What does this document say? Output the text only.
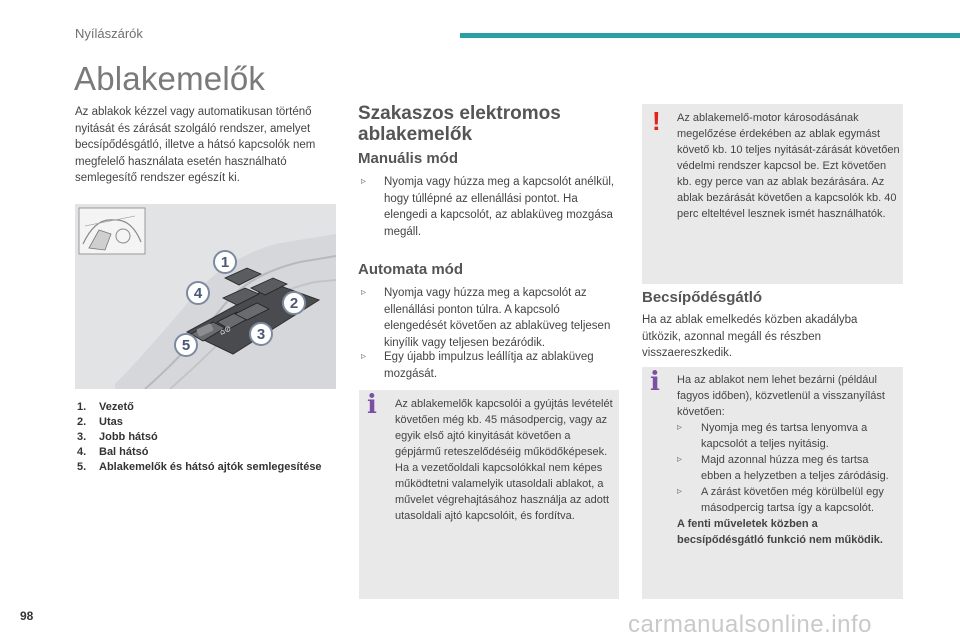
Nyílászárók
Ablakemelők
Az ablakok kézzel vagy automatikusan történő nyitását és zárását szolgáló rendszer, amelyet becsípődésgátló, illetve a hátsó kapcsolók nem megfelelő használata esetén használható semlegesítő rendszer egészít ki.
⌂⊘
1
2
3
4
5
1.	Vezető
2.	Utas
3.	Jobb hátsó
4.	Bal hátsó
5.	Ablakemelők és hátsó ajtók semlegesítése
Szakaszos elektromos ablakemelők
Manuális mód
▹	Nyomja vagy húzza meg a kapcsolót anélkül, hogy túllépné az ellenállási pontot. Ha elengedi a kapcsolót, az ablaküveg mozgása megáll.
Automata mód
▹	Nyomja vagy húzza meg a kapcsolót az ellenállási ponton túlra. A kapcsoló elengedését követően az ablaküveg teljesen kinyílik vagy teljesen bezáródik.
▹	Egy újabb impulzus leállítja az ablaküveg mozgását.
i Az ablakemelők kapcsolói a gyújtás levételét követően még kb. 45 másodpercig, vagy az egyik első ajtó kinyitását követően a gépjármű reteszelődéséig működőképesek. Ha a vezetőoldali kapcsolókkal nem képes működtetni valamelyik utasoldali ablakot, a művelet végrehajtásához használja az adott utasoldali ajtó kapcsolóit, és fordítva.
! Az ablakemelő-motor károsodásának megelőzése érdekében az ablak egymást követő kb. 10 teljes nyitását-zárását követően védelmi rendszer kapcsol be. Ezt követően kb. egy perce van az ablak bezárására. Az ablak bezárását követően a kapcsolók kb. 40 perc elteltével lesznek ismét használhatók.
Becsípődésgátló
Ha az ablak emelkedés közben akadályba ütközik, azonnal megáll és részben visszaereszkedik.
i Ha az ablakot nem lehet bezárni (például fagyos időben), közvetlenül a visszanyílást követően:
▹	Nyomja meg és tartsa lenyomva a kapcsolót a teljes nyitásig.
▹	Majd azonnal húzza meg és tartsa ebben a helyzetben a teljes záródásig.
▹	A zárást követően még körülbelül egy másodpercig tartsa így a kapcsolót.
A fenti műveletek közben a becsípődésgátló funkció nem működik.
98	carmanualsonline.info
